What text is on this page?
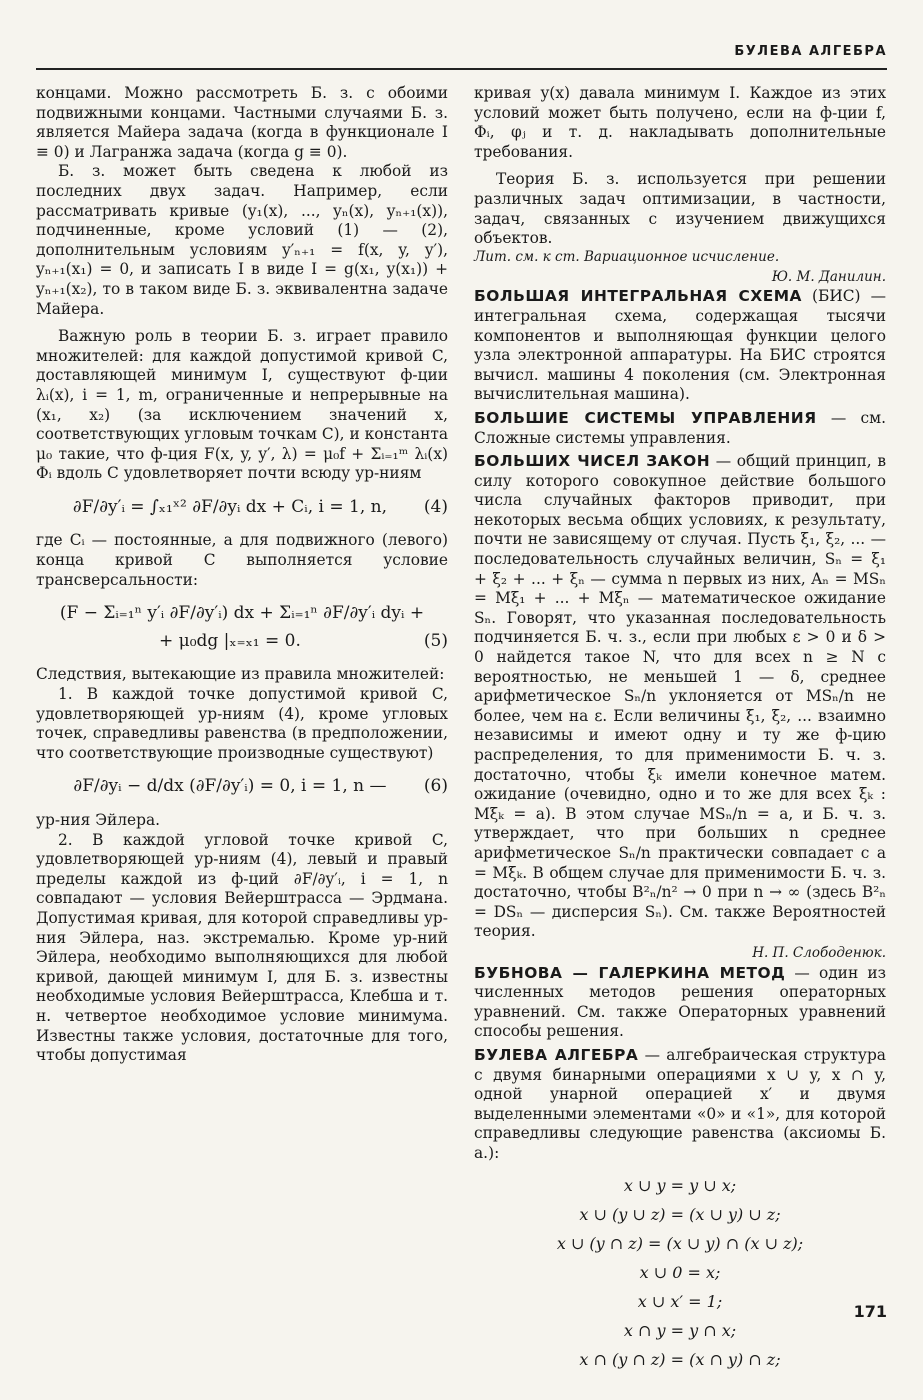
БУЛЕВА АЛГЕБРА

концами. Можно рассмотреть Б. з. с обоими подвижными концами. Частными случаями Б. з. является Майера задача (когда в функционале I ≡ 0) и Лагранжа задача (когда g ≡ 0).

Б. з. может быть сведена к любой из последних двух задач. Например, если рассматривать кривые (y₁(x), ..., yₙ(x), yₙ₊₁(x)), подчиненные, кроме условий (1) — (2), дополнительным условиям y′ₙ₊₁ = f(x, y, y′), yₙ₊₁(x₁) = 0, и записать I в виде I = g(x₁, y(x₁)) + yₙ₊₁(x₂), то в таком виде Б. з. эквивалентна задаче Майера.

Важную роль в теории Б. з. играет правило множителей: для каждой допустимой кривой C, доставляющей минимум I, существуют ф-ции λᵢ(x), i = 1, m, ограниченные и непрерывные на (x₁, x₂) (за исключением значений x, соответствующих угловым точкам C), и константа μ₀ такие, что ф-ция F(x, y, y′, λ) = μ₀f + Σᵢ₌₁ᵐ λᵢ(x) Φᵢ вдоль C удовлетворяет почти всюду ур-ниям

∂F/∂y′ᵢ = ∫ₓ₁ˣ² ∂F/∂yᵢ dx + Cᵢ, i = 1, n, (4)

где Cᵢ — постоянные, а для подвижного (левого) конца кривой C выполняется условие трансверсальности:

(F − Σᵢ₌₁ⁿ y′ᵢ ∂F/∂y′ᵢ) dx + Σᵢ₌₁ⁿ ∂F/∂y′ᵢ dyᵢ +
+ μ₀dg |ₓ₌ₓ₁ = 0.	(5)

Следствия, вытекающие из правила множителей:

1. В каждой точке допустимой кривой C, удовлетворяющей ур-ниям (4), кроме угловых точек, справедливы равенства (в предположении, что соответствующие производные существуют)

∂F/∂yᵢ − d/dx (∂F/∂y′ᵢ) = 0, i = 1, n — (6)

ур-ния Эйлера.

2. В каждой угловой точке кривой C, удовлетворяющей ур-ниям (4), левый и правый пределы каждой из ф-ций ∂F/∂y′ᵢ, i = 1, n совпадают — условия Вейерштрасса — Эрдмана. Допустимая кривая, для которой справедливы ур-ния Эйлера, наз. экстремалью. Кроме ур-ний Эйлера, необходимо выполняющихся для любой кривой, дающей минимум I, для Б. з. известны необходимые условия Вейерштрасса, Клебша и т. н. четвертое необходимое условие минимума. Известны также условия, достаточные для того, чтобы допустимая

кривая y(x) давала минимум I. Каждое из этих условий может быть получено, если на ф-ции f, Φᵢ, φⱼ и т. д. накладывать дополнительные требования.

Теория Б. з. используется при решении различных задач оптимизации, в частности, задач, связанных с изучением движущихся объектов.

Лит. см. к ст. Вариационное исчисление.

Ю. М. Данилин.

БОЛЬШАЯ ИНТЕГРАЛЬНАЯ СХЕМА (БИС) — интегральная схема, содержащая тысячи компонентов и выполняющая функции целого узла электронной аппаратуры. На БИС строятся вычисл. машины 4 поколения (см. Электронная вычислительная машина).

БОЛЬШИЕ СИСТЕМЫ УПРАВЛЕНИЯ — см. Сложные системы управления.

БОЛЬШИХ ЧИСЕЛ ЗАКОН — общий принцип, в силу которого совокупное действие большого числа случайных факторов приводит, при некоторых весьма общих условиях, к результату, почти не зависящему от случая. Пусть ξ₁, ξ₂, ... — последовательность случайных величин, Sₙ = ξ₁ + ξ₂ + ... + ξₙ — сумма n первых из них, Aₙ = MSₙ = Mξ₁ + ... + Mξₙ — математическое ожидание Sₙ. Говорят, что указанная последовательность подчиняется Б. ч. з., если при любых ε > 0 и δ > 0 найдется такое N, что для всех n ≥ N с вероятностью, не меньшей 1 — δ, среднее арифметическое Sₙ/n уклоняется от MSₙ/n не более, чем на ε. Если величины ξ₁, ξ₂, ... взаимно независимы и имеют одну и ту же ф-цию распределения, то для применимости Б. ч. з. достаточно, чтобы ξₖ имели конечное матем. ожидание (очевидно, одно и то же для всех ξₖ : Mξₖ = a). В этом случае MSₙ/n = a, и Б. ч. з. утверждает, что при больших n среднее арифметическое Sₙ/n практически совпадает с a = Mξₖ. В общем случае для применимости Б. ч. з. достаточно, чтобы B²ₙ/n² → 0 при n → ∞ (здесь B²ₙ = DSₙ — дисперсия Sₙ). См. также Вероятностей теория.

Н. П. Слободенюк.

БУБНОВА — ГАЛЕРКИНА МЕТОД — один из численных методов решения операторных уравнений. См. также Операторных уравнений способы решения.

БУЛЕВА АЛГЕБРА — алгебраическая структура с двумя бинарными операциями x ∪ y, x ∩ y, одной унарной операцией x′ и двумя выделенными элементами «0» и «1», для которой справедливы следующие равенства (аксиомы Б. а.):

x ∪ y = y ∪ x;
x ∪ (y ∪ z) = (x ∪ y) ∪ z;
x ∪ (y ∩ z) = (x ∪ y) ∩ (x ∪ z);
x ∪ 0 = x;
x ∪ x′ = 1;
x ∩ y = y ∩ x;
x ∩ (y ∩ z) = (x ∩ y) ∩ z;
171
